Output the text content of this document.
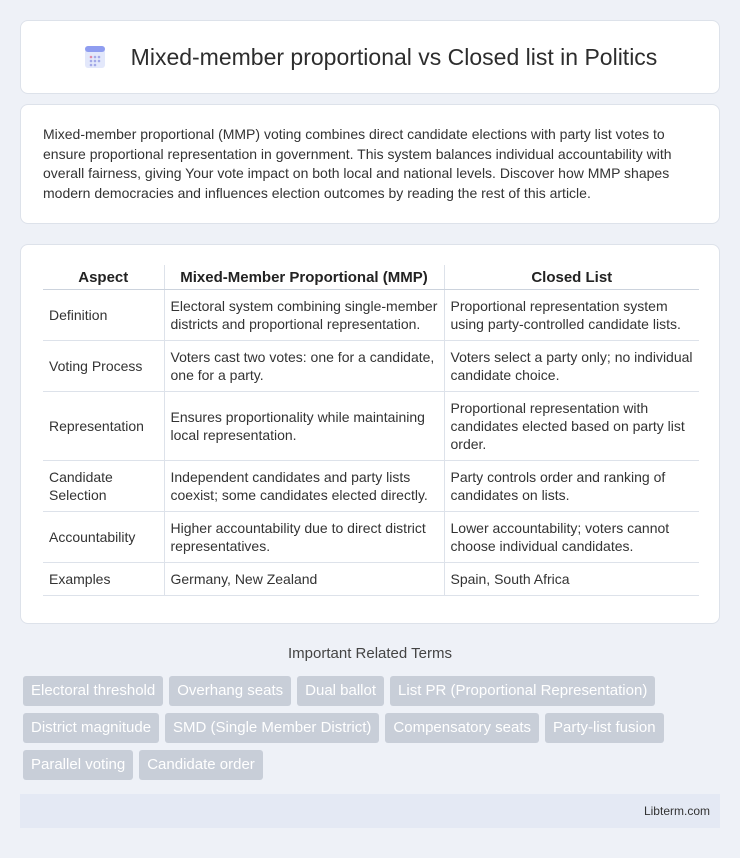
Mixed-member proportional vs Closed list in Politics

Mixed-member proportional (MMP) voting combines direct candidate elections with party list votes to ensure proportional representation in government. This system balances individual accountability with overall fairness, giving Your vote impact on both local and national levels. Discover how MMP shapes modern democracies and influences election outcomes by reading the rest of this article.

Aspect	Mixed-Member Proportional (MMP)	Closed List
Definition	Electoral system combining single-member districts and proportional representation.	Proportional representation system using party-controlled candidate lists.
Voting Process	Voters cast two votes: one for a candidate, one for a party.	Voters select a party only; no individual candidate choice.
Representation	Ensures proportionality while maintaining local representation.	Proportional representation with candidates elected based on party list order.
Candidate Selection	Independent candidates and party lists coexist; some candidates elected directly.	Party controls order and ranking of candidates on lists.
Accountability	Higher accountability due to direct district representatives.	Lower accountability; voters cannot choose individual candidates.
Examples	Germany, New Zealand	Spain, South Africa
Important Related Terms
Electoral threshold	Overhang seats	Dual ballot	List PR (Proportional Representation)
District magnitude	SMD (Single Member District)	Compensatory seats	Party-list fusion
Parallel voting	Candidate order
Libterm.com
